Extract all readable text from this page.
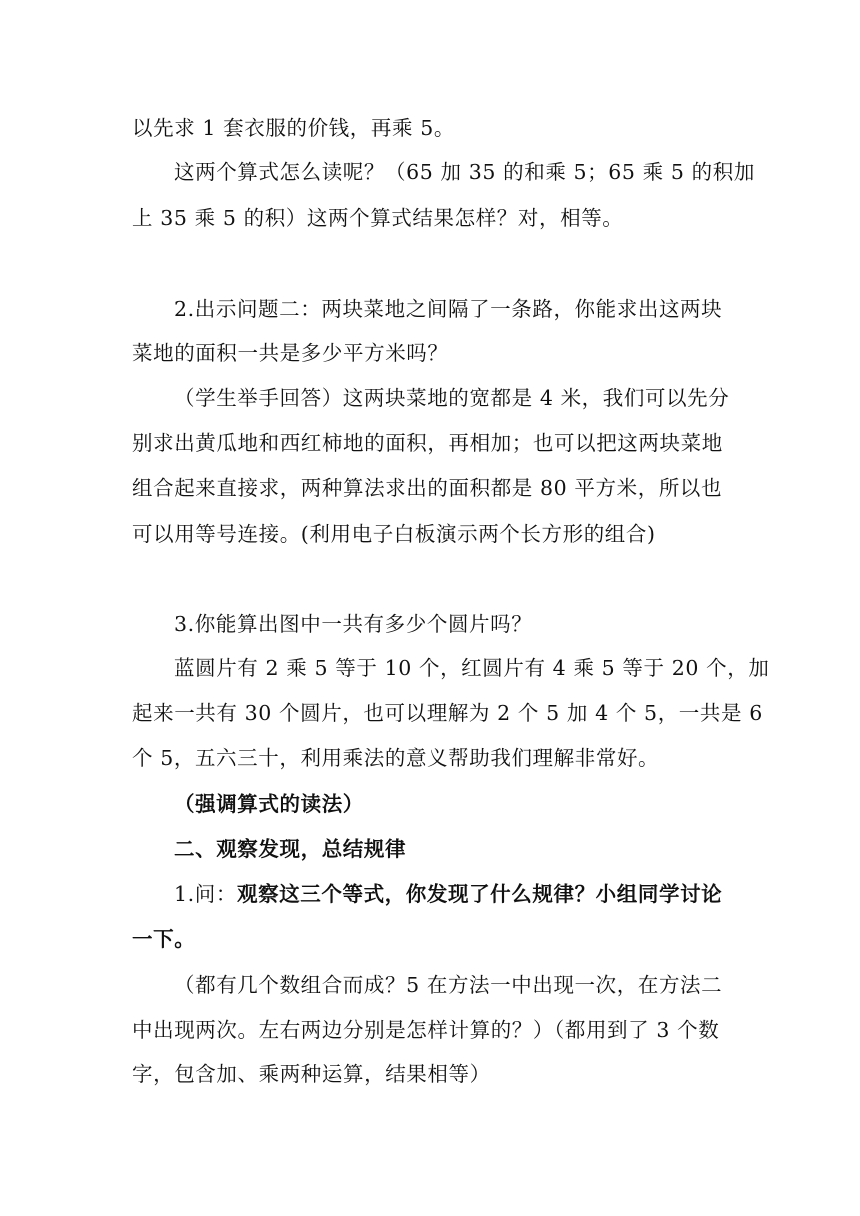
以先求 1 套衣服的价钱，再乘 5。
这两个算式怎么读呢？（65 加 35 的和乘 5；65 乘 5 的积加
上 35 乘 5 的积）这两个算式结果怎样？对，相等。
2.出示问题二：两块菜地之间隔了一条路，你能求出这两块
菜地的面积一共是多少平方米吗？
（学生举手回答）这两块菜地的宽都是 4 米，我们可以先分
别求出黄瓜地和西红柿地的面积，再相加；也可以把这两块菜地
组合起来直接求，两种算法求出的面积都是 80 平方米，所以也
可以用等号连接。(利用电子白板演示两个长方形的组合)
3.你能算出图中一共有多少个圆片吗？
蓝圆片有 2 乘 5 等于 10 个，红圆片有 4 乘 5 等于 20 个，加
起来一共有 30 个圆片，也可以理解为 2 个 5 加 4 个 5，一共是 6
个 5，五六三十，利用乘法的意义帮助我们理解非常好。
（强调算式的读法）
二、观察发现，总结规律
1.问：观察这三个等式，你发现了什么规律？小组同学讨论
一下。
（都有几个数组合而成？5 在方法一中出现一次，在方法二
中出现两次。左右两边分别是怎样计算的？）（都用到了 3 个数
字，包含加、乘两种运算，结果相等）
